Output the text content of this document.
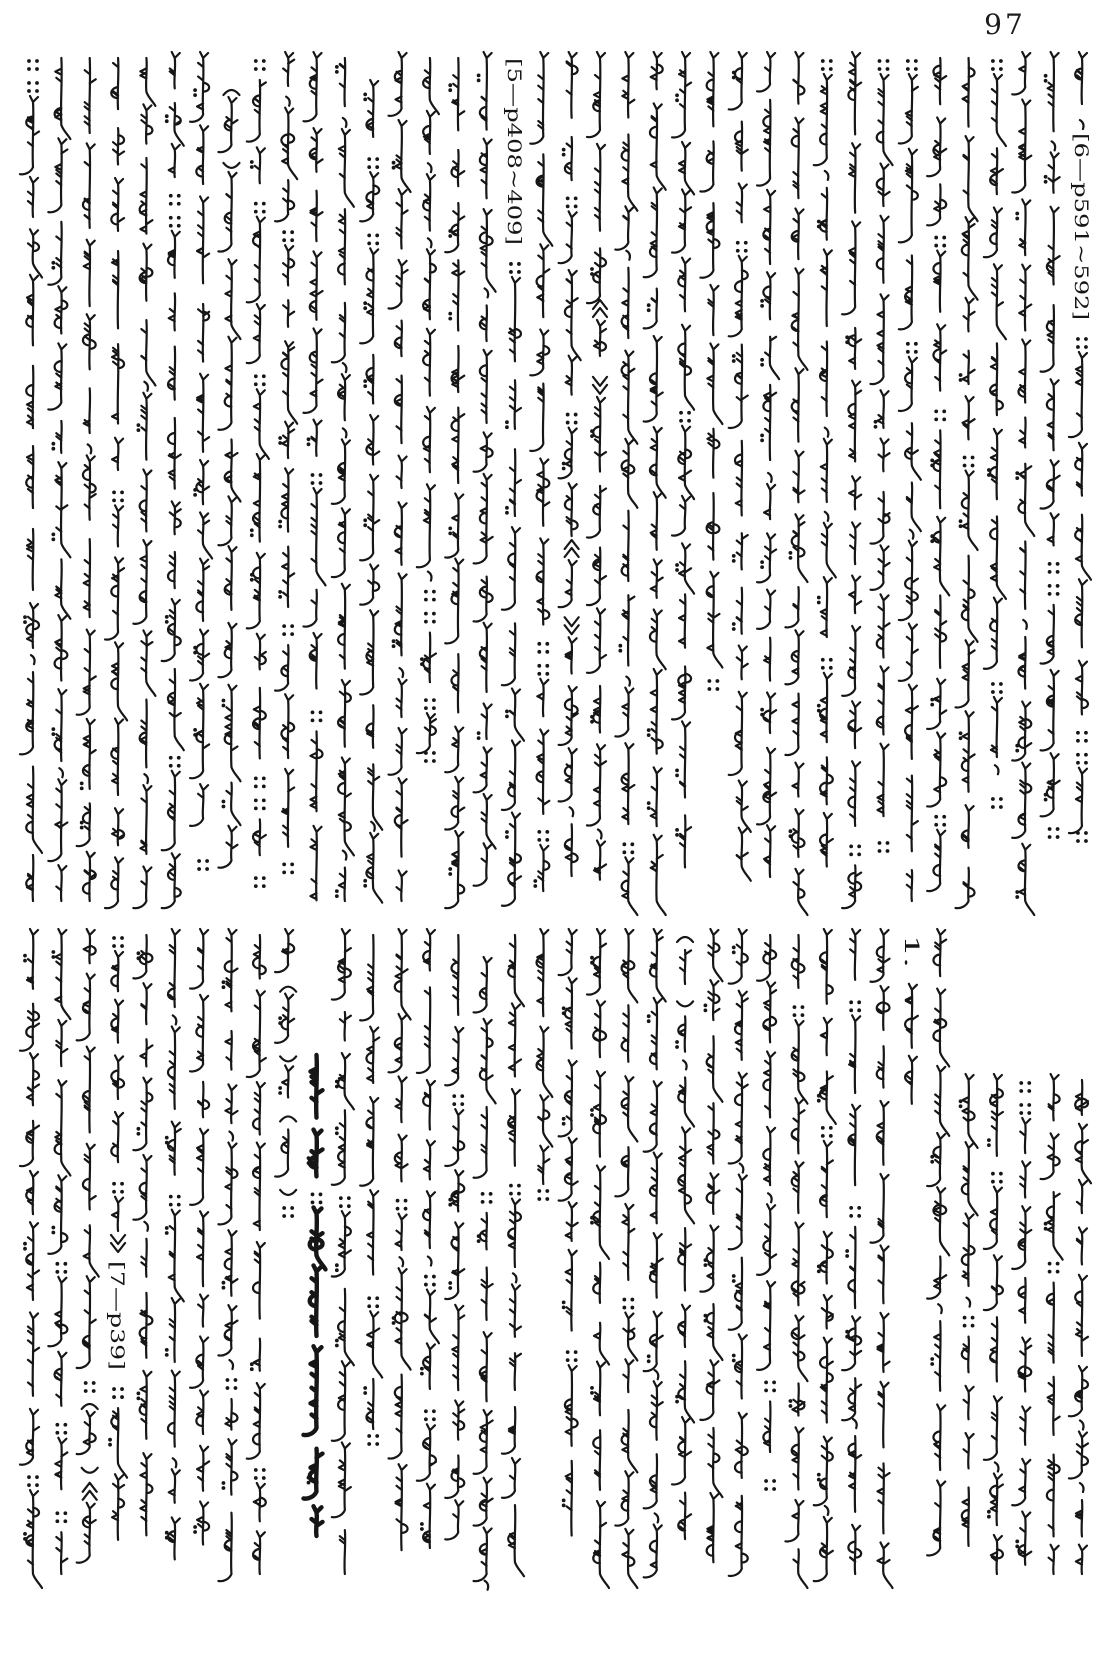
97
[5—p408~409]
[6—p591~592]
[7—p39]
1.
